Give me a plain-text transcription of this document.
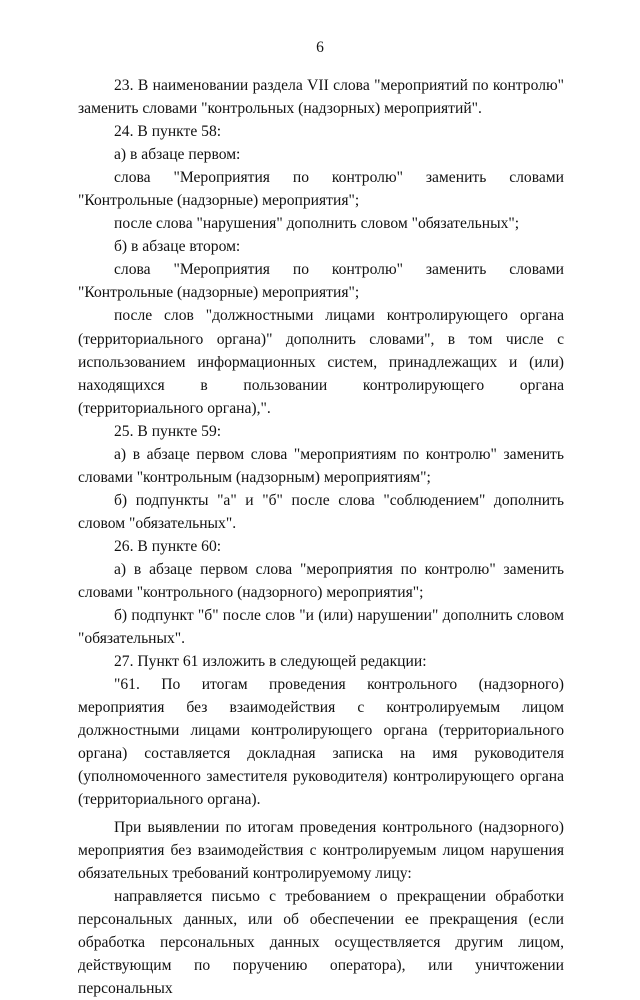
6

23. В наименовании раздела VII слова "мероприятий по контролю" заменить словами "контрольных (надзорных) мероприятий".

24. В пункте 58:

а) в абзаце первом:

слова "Мероприятия по контролю" заменить словами "Контрольные (надзорные) мероприятия";

после слова "нарушения" дополнить словом "обязательных";

б) в абзаце втором:

слова "Мероприятия по контролю" заменить словами "Контрольные (надзорные) мероприятия";

после слов "должностными лицами контролирующего органа (территориального органа)" дополнить словами", в том числе с использованием информационных систем, принадлежащих и (или) находящихся в пользовании контролирующего органа (территориального органа),".

25. В пункте 59:

а) в абзаце первом слова "мероприятиям по контролю" заменить словами "контрольным (надзорным) мероприятиям";

б) подпункты "а" и "б" после слова "соблюдением" дополнить словом "обязательных".

26. В пункте 60:

а) в абзаце первом слова "мероприятия по контролю" заменить словами "контрольного (надзорного) мероприятия";

б) подпункт "б" после слов "и (или) нарушении" дополнить словом "обязательных".

27. Пункт 61 изложить в следующей редакции:

"61. По итогам проведения контрольного (надзорного) мероприятия без взаимодействия с контролируемым лицом должностными лицами контролирующего органа (территориального органа) составляется докладная записка на имя руководителя (уполномоченного заместителя руководителя) контролирующего органа (территориального органа).

При выявлении по итогам проведения контрольного (надзорного) мероприятия без взаимодействия с контролируемым лицом нарушения обязательных требований контролируемому лицу:

направляется письмо с требованием о прекращении обработки персональных данных, или об обеспечении ее прекращения (если обработка персональных данных осуществляется другим лицом, действующим по поручению оператора), или уничтожении персональных
